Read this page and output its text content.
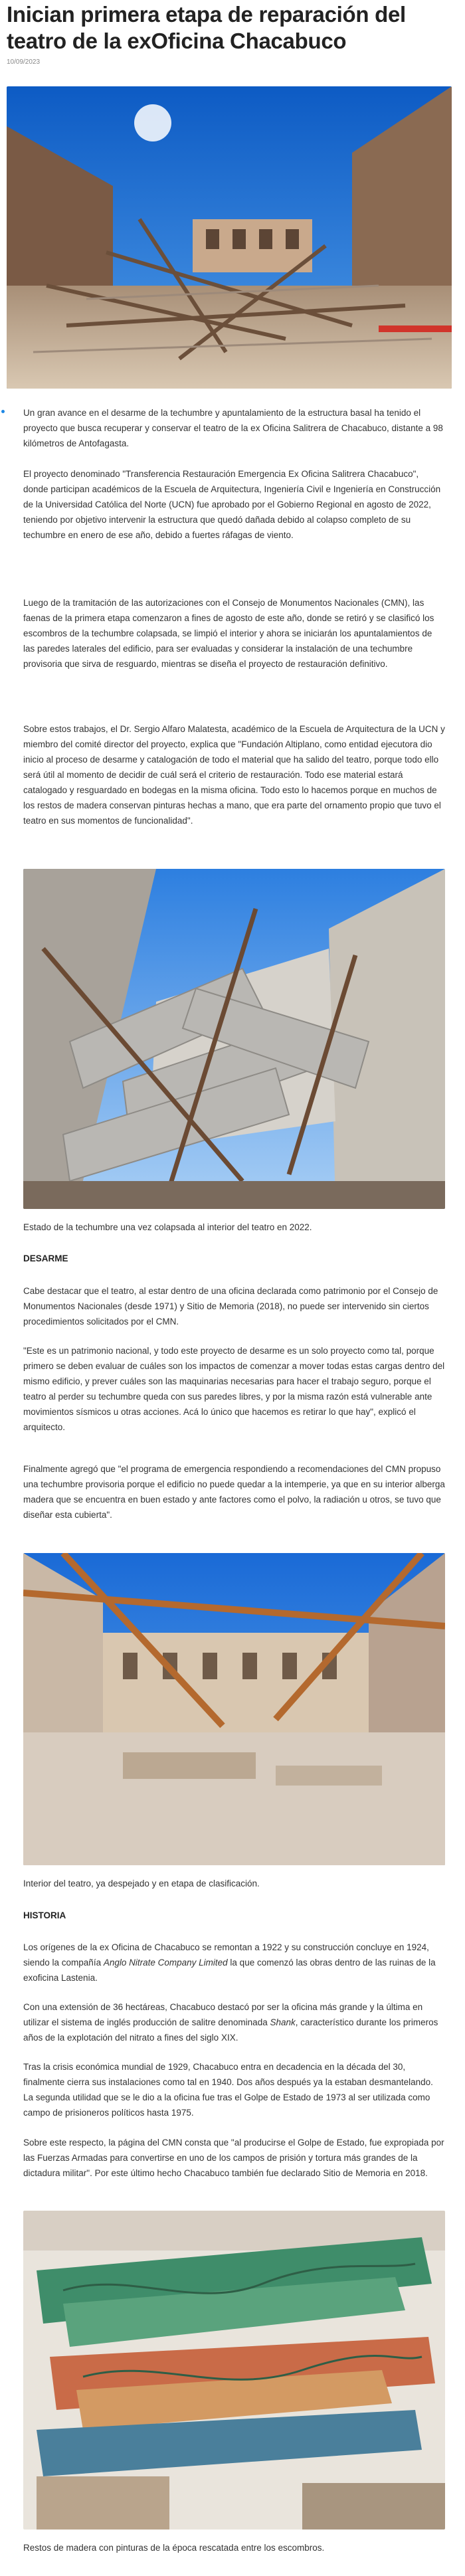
Inician primera etapa de reparación del teatro de la exOficina Chacabuco
10/09/2023

Un gran avance en el desarme de la techumbre y apuntalamiento de la estructura basal ha tenido el proyecto que busca recuperar y conservar el teatro de la ex Oficina Salitrera de Chacabuco, distante a 98 kilómetros de Antofagasta.

El proyecto denominado "Transferencia Restauración Emergencia Ex Oficina Salitrera Chacabuco", donde participan académicos de la Escuela de Arquitectura, Ingeniería Civil e Ingeniería en Construcción de la Universidad Católica del Norte (UCN) fue aprobado por el Gobierno Regional en agosto de 2022, teniendo por objetivo intervenir la estructura que quedó dañada debido al colapso completo de su techumbre en enero de ese año, debido a fuertes ráfagas de viento.

Luego de la tramitación de las autorizaciones con el Consejo de Monumentos Nacionales (CMN), las faenas de la primera etapa comenzaron a fines de agosto de este año, donde se retiró y se clasificó los escombros de la techumbre colapsada, se limpió el interior y ahora se iniciarán los apuntalamientos de las paredes laterales del edificio, para ser evaluadas y considerar la instalación de una techumbre provisoria que sirva de resguardo, mientras se diseña el proyecto de restauración definitivo.

Sobre estos trabajos, el Dr. Sergio Alfaro Malatesta, académico de la Escuela de Arquitectura de la UCN y miembro del comité director del proyecto, explica que "Fundación Altiplano, como entidad ejecutora dio inicio al proceso de desarme y catalogación de todo el material que ha salido del teatro, porque todo ello será útil al momento de decidir de cuál será el criterio de restauración. Todo ese material estará catalogado y resguardado en bodegas en la misma oficina. Todo esto lo hacemos porque en muchos de los restos de madera conservan pinturas hechas a mano, que era parte del ornamento propio que tuvo el teatro en sus momentos de funcionalidad".

Estado de la techumbre una vez colapsada al interior del teatro en 2022.

DESARME

Cabe destacar que el teatro, al estar dentro de una oficina declarada como patrimonio por el Consejo de Monumentos Nacionales (desde 1971) y Sitio de Memoria (2018), no puede ser intervenido sin ciertos procedimientos solicitados por el CMN.

"Este es un patrimonio nacional, y todo este proyecto de desarme es un solo proyecto como tal, porque primero se deben evaluar de cuáles son los impactos de comenzar a mover todas estas cargas dentro del mismo edificio, y prever cuáles son las maquinarias necesarias para hacer el trabajo seguro, porque el teatro al perder su techumbre queda con sus paredes libres, y por la misma razón está vulnerable ante movimientos sísmicos u otras acciones. Acá lo único que hacemos es retirar lo que hay", explicó el arquitecto.

Finalmente agregó que "el programa de emergencia respondiendo a recomendaciones del CMN propuso una techumbre provisoria porque el edificio no puede quedar a la intemperie, ya que en su interior alberga madera que se encuentra en buen estado y ante factores como el polvo, la radiación u otros, se tuvo que diseñar esta cubierta".

Interior del teatro, ya despejado y en etapa de clasificación.

HISTORIA

Los orígenes de la ex Oficina de Chacabuco se remontan a 1922 y su construcción concluye en 1924, siendo la compañía Anglo Nitrate Company Limited la que comenzó las obras dentro de las ruinas de la exoficina Lastenia.

Con una extensión de 36 hectáreas, Chacabuco destacó por ser la oficina más grande y la última en utilizar el sistema de inglés producción de salitre denominada Shank, característico durante los primeros años de la explotación del nitrato a fines del siglo XIX.

Tras la crisis económica mundial de 1929, Chacabuco entra en decadencia en la década del 30, finalmente cierra sus instalaciones como tal en 1940. Dos años después ya la estaban desmantelando. La segunda utilidad que se le dio a la oficina fue tras el Golpe de Estado de 1973 al ser utilizada como campo de prisioneros políticos hasta 1975.

Sobre este respecto, la página del CMN consta que "al producirse el Golpe de Estado, fue expropiada por las Fuerzas Armadas para convertirse en uno de los campos de prisión y tortura más grandes de la dictadura militar". Por este último hecho Chacabuco también fue declarado Sitio de Memoria en 2018.

Restos de madera con pinturas de la época rescatada entre los escombros.
